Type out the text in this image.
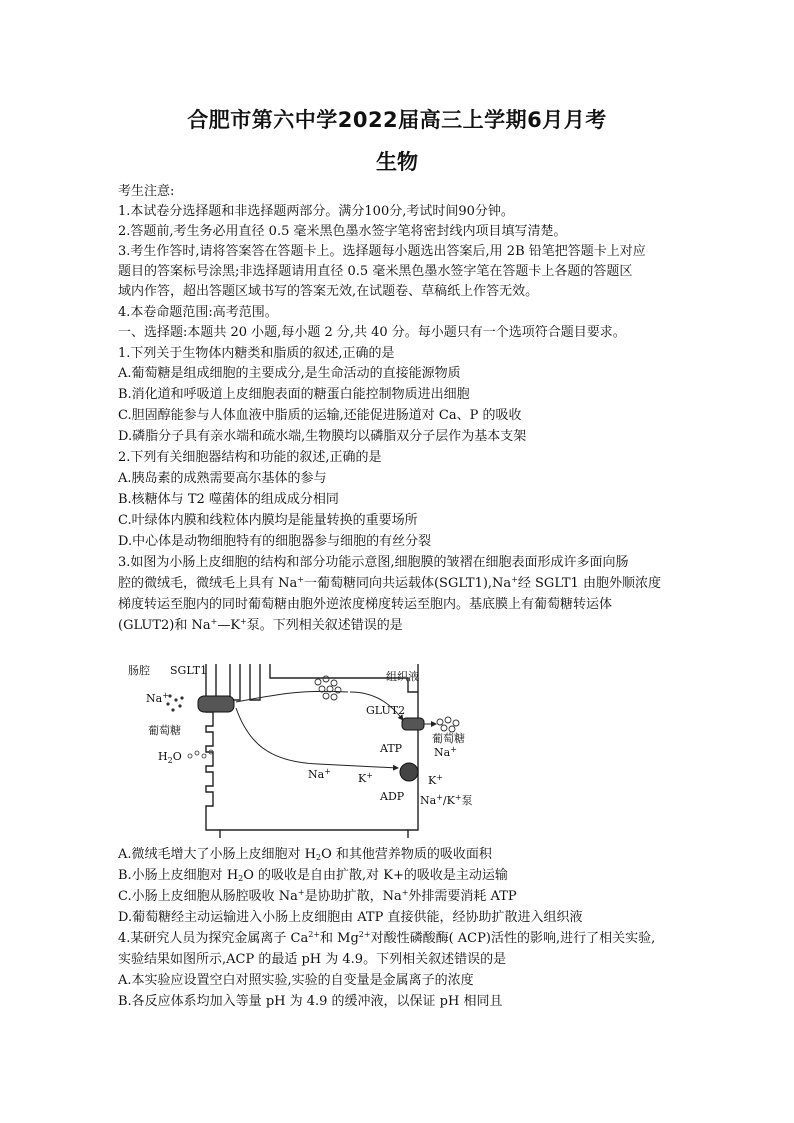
合肥市第六中学2022届高三上学期6月月考
生物
考生注意:
1.本试卷分选择题和非选择题两部分。满分100分,考试时间90分钟。
2.答题前,考生务必用直径 0.5 毫米黑色墨水签字笔将密封线内项目填写清楚。
3.考生作答时,请将答案答在答题卡上。选择题每小题选出答案后,用 2B 铅笔把答题卡上对应
题目的答案标号涂黑;非选择题请用直径 0.5 毫米黑色墨水签字笔在答题卡上各题的答题区
域内作答，超出答题区域书写的答案无效,在试题卷、草稿纸上作答无效。
4.本卷命题范围:高考范围。
一、选择题:本题共 20 小题,每小题 2 分,共 40 分。每小题只有一个选项符合题目要求。
1.下列关于生物体内糖类和脂质的叙述,正确的是
A.葡萄糖是组成细胞的主要成分,是生命活动的直接能源物质
B.消化道和呼吸道上皮细胞表面的糖蛋白能控制物质进出细胞
C.胆固醇能参与人体血液中脂质的运输,还能促进肠道对 Ca、P 的吸收
D.磷脂分子具有亲水端和疏水端,生物膜均以磷脂双分子层作为基本支架
2.下列有关细胞器结构和功能的叙述,正确的是
A.胰岛素的成熟需要高尔基体的参与
B.核糖体与 T2 噬菌体的组成成分相同
C.叶绿体内膜和线粒体内膜均是能量转换的重要场所
D.中心体是动物细胞特有的细胞器参与细胞的有丝分裂
3.如图为小肠上皮细胞的结构和部分功能示意图,细胞膜的皱褶在细胞表面形成许多面向肠
腔的微绒毛，微绒毛上具有 Na+一葡萄糖同向共运载体(SGLT1),Na+经 SGLT1 由胞外顺浓度
梯度转运至胞内的同时葡萄糖由胞外逆浓度梯度转运至胞内。基底膜上有葡萄糖转运体
(GLUT2)和 Na+—K+泵。下列相关叙述错误的是
肠腔 SGLT1
Na+
葡萄糖
$H_2O$
Na+
组织液
GLUT2
葡萄糖
ATP	Na+
K+	K+
ADP Na+/K+泵
A.微绒毛增大了小肠上皮细胞对 $H_2O$ 和其他营养物质的吸收面积
B.小肠上皮细胞对 $H_2O$ 的吸收是自由扩散,对 K+的吸收是主动运输
C.小肠上皮细胞从肠腔吸收 Na+是协助扩散，Na+外排需要消耗 ATP
D.葡萄糖经主动运输进入小肠上皮细胞由 ATP 直接供能，经协助扩散进入组织液
4.某研究人员为探究金属离子 $Ca^{2+}$和 $Mg^{2+}$对酸性磷酸酶( ACP)活性的影响,进行了相关实验,
实验结果如图所示,ACP 的最适 pH 为 4.9。下列相关叙述错误的是
A.本实验应设置空白对照实验,实验的自变量是金属离子的浓度
B.各反应体系均加入等量 pH 为 4.9 的缓冲液，以保证 pH 相同且
